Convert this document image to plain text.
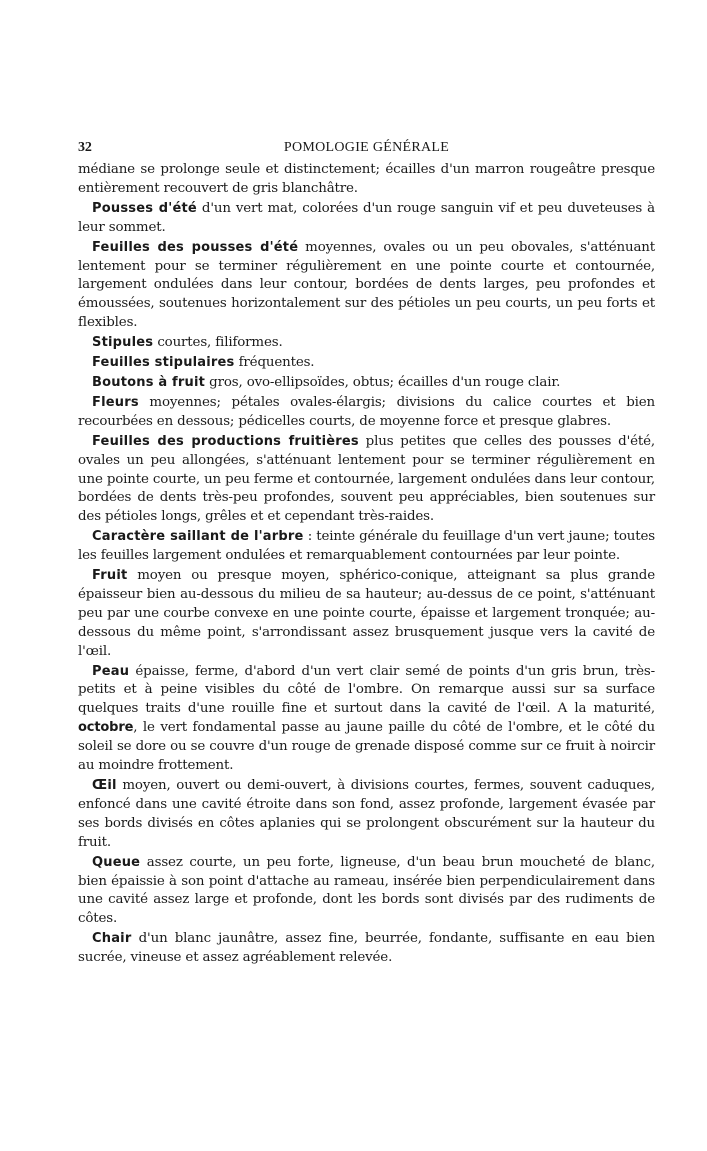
32	POMOLOGIE GÉNÉRALE

médiane se prolonge seule et distinctement; écailles d'un marron rougeâtre presque entièrement recouvert de gris blanchâtre.

Pousses d'été d'un vert mat, colorées d'un rouge sanguin vif et peu duveteuses à leur sommet.

Feuilles des pousses d'été moyennes, ovales ou un peu obovales, s'atténuant lentement pour se terminer régulièrement en une pointe courte et contournée, largement ondulées dans leur contour, bordées de dents larges, peu profondes et émoussées, soutenues horizontalement sur des pétioles un peu courts, un peu forts et flexibles.

Stipules courtes, filiformes.

Feuilles stipulaires fréquentes.

Boutons à fruit gros, ovo-ellipsoïdes, obtus; écailles d'un rouge clair.

Fleurs moyennes; pétales ovales-élargis; divisions du calice courtes et bien recourbées en dessous; pédicelles courts, de moyenne force et presque glabres.

Feuilles des productions fruitières plus petites que celles des pousses d'été, ovales un peu allongées, s'atténuant lentement pour se terminer régulièrement en une pointe courte, un peu ferme et contournée, largement ondulées dans leur contour, bordées de dents très-peu profondes, souvent peu appréciables, bien soutenues sur des pétioles longs, grêles et et cependant très-raides.

Caractère saillant de l'arbre : teinte générale du feuillage d'un vert jaune; toutes les feuilles largement ondulées et remarquablement contournées par leur pointe.

Fruit moyen ou presque moyen, sphérico-conique, atteignant sa plus grande épaisseur bien au-dessous du milieu de sa hauteur; au-dessus de ce point, s'atténuant peu par une courbe convexe en une pointe courte, épaisse et largement tronquée; au-dessous du même point, s'arrondissant assez brusquement jusque vers la cavité de l'œil.

Peau épaisse, ferme, d'abord d'un vert clair semé de points d'un gris brun, très-petits et à peine visibles du côté de l'ombre. On remarque aussi sur sa surface quelques traits d'une rouille fine et surtout dans la cavité de l'œil. A la maturité, octobre, le vert fondamental passe au jaune paille du côté de l'ombre, et le côté du soleil se dore ou se couvre d'un rouge de grenade disposé comme sur ce fruit à noircir au moindre frottement.

Œil moyen, ouvert ou demi-ouvert, à divisions courtes, fermes, souvent caduques, enfoncé dans une cavité étroite dans son fond, assez profonde, largement évasée par ses bords divisés en côtes aplanies qui se prolongent obscurément sur la hauteur du fruit.

Queue assez courte, un peu forte, ligneuse, d'un beau brun moucheté de blanc, bien épaissie à son point d'attache au rameau, insérée bien perpendiculairement dans une cavité assez large et profonde, dont les bords sont divisés par des rudiments de côtes.

Chair d'un blanc jaunâtre, assez fine, beurrée, fondante, suffisante en eau bien sucrée, vineuse et assez agréablement relevée.
